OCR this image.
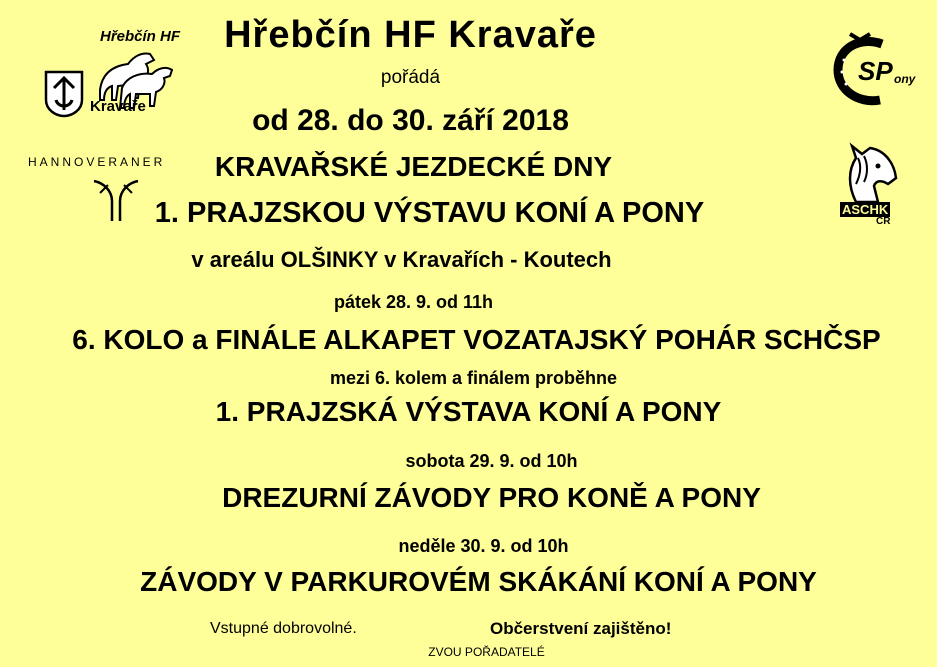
Hřebčín HF
Kravaře
HANNOVERANER
SP ony
ASCHK
ČR
Hřebčín HF Kravaře
pořádá
od 28. do 30. září 2018
KRAVAŘSKÉ JEZDECKÉ DNY
1. PRAJZSKOU VÝSTAVU KONÍ A PONY
v areálu OLŠINKY v Kravařích - Koutech
pátek 28. 9. od 11h
6. KOLO a FINÁLE ALKAPET VOZATAJSKÝ POHÁR SCHČSP
mezi 6. kolem a finálem proběhne
1. PRAJZSKÁ VÝSTAVA KONÍ A PONY
sobota 29. 9. od 10h
DREZURNÍ ZÁVODY PRO KONĚ A PONY
neděle 30. 9. od 10h
ZÁVODY V PARKUROVÉM SKÁKÁNÍ KONÍ A PONY
Vstupné dobrovolné.	Občerstvení zajištěno!
ZVOU POŘADATELÉ
